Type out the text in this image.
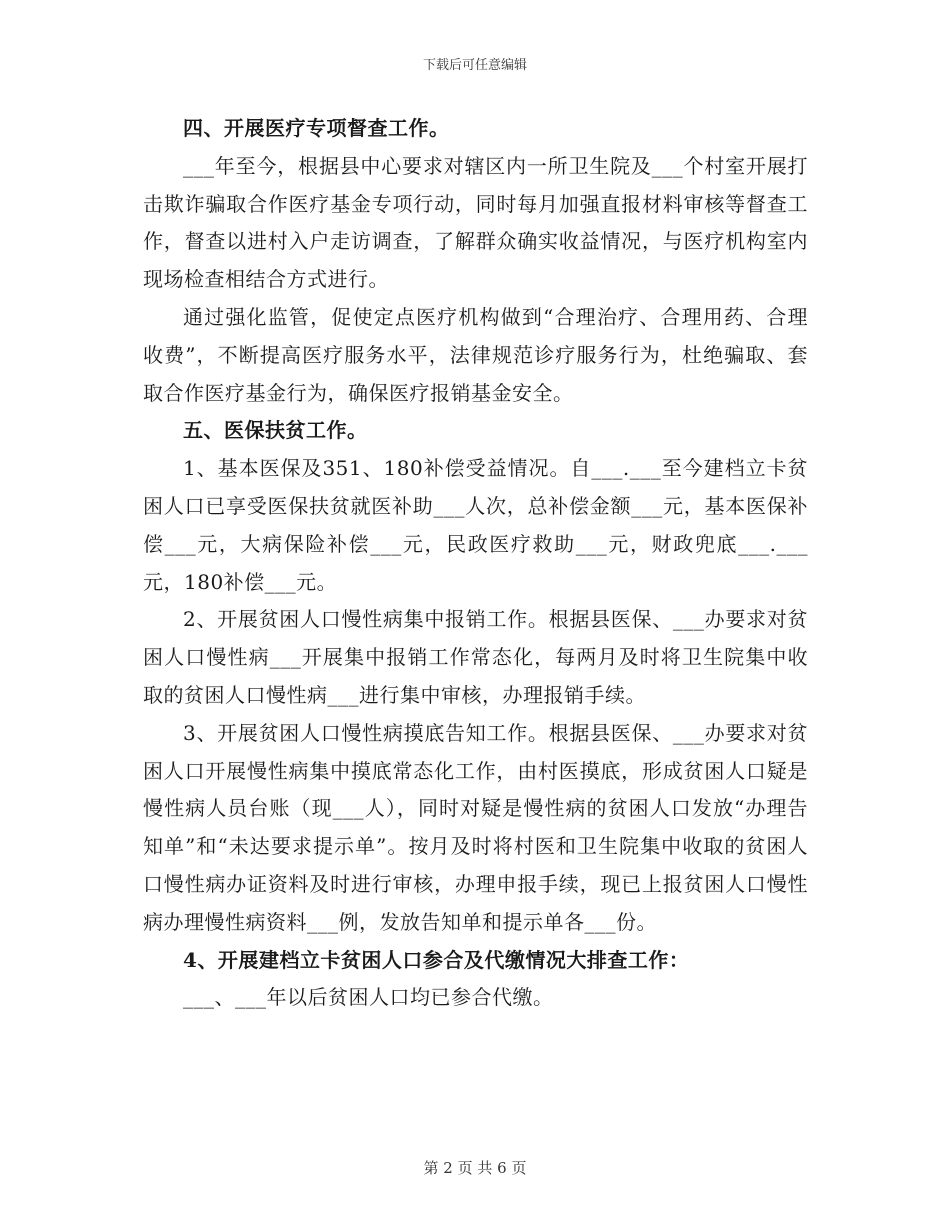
下载后可任意编辑

四、开展医疗专项督查工作。

___年至今，根据县中心要求对辖区内一所卫生院及___个村室开展打击欺诈骗取合作医疗基金专项行动，同时每月加强直报材料审核等督查工作，督查以进村入户走访调查，了解群众确实收益情况，与医疗机构室内现场检查相结合方式进行。

通过强化监管，促使定点医疗机构做到“合理治疗、合理用药、合理收费”，不断提高医疗服务水平，法律规范诊疗服务行为，杜绝骗取、套取合作医疗基金行为，确保医疗报销基金安全。

五、医保扶贫工作。

1、基本医保及351、180补偿受益情况。自___.___至今建档立卡贫困人口已享受医保扶贫就医补助___人次，总补偿金额___元，基本医保补偿___元，大病保险补偿___元，民政医疗救助___元，财政兜底___.___元，180补偿___元。

2、开展贫困人口慢性病集中报销工作。根据县医保、___办要求对贫困人口慢性病___开展集中报销工作常态化，每两月及时将卫生院集中收取的贫困人口慢性病___进行集中审核，办理报销手续。

3、开展贫困人口慢性病摸底告知工作。根据县医保、___办要求对贫困人口开展慢性病集中摸底常态化工作，由村医摸底，形成贫困人口疑是慢性病人员台账（现___人），同时对疑是慢性病的贫困人口发放“办理告知单”和“未达要求提示单”。按月及时将村医和卫生院集中收取的贫困人口慢性病办证资料及时进行审核，办理申报手续，现已上报贫困人口慢性病办理慢性病资料___例，发放告知单和提示单各___份。

4、开展建档立卡贫困人口参合及代缴情况大排查工作：

___、___年以后贫困人口均已参合代缴。

第 2 页 共 6 页
